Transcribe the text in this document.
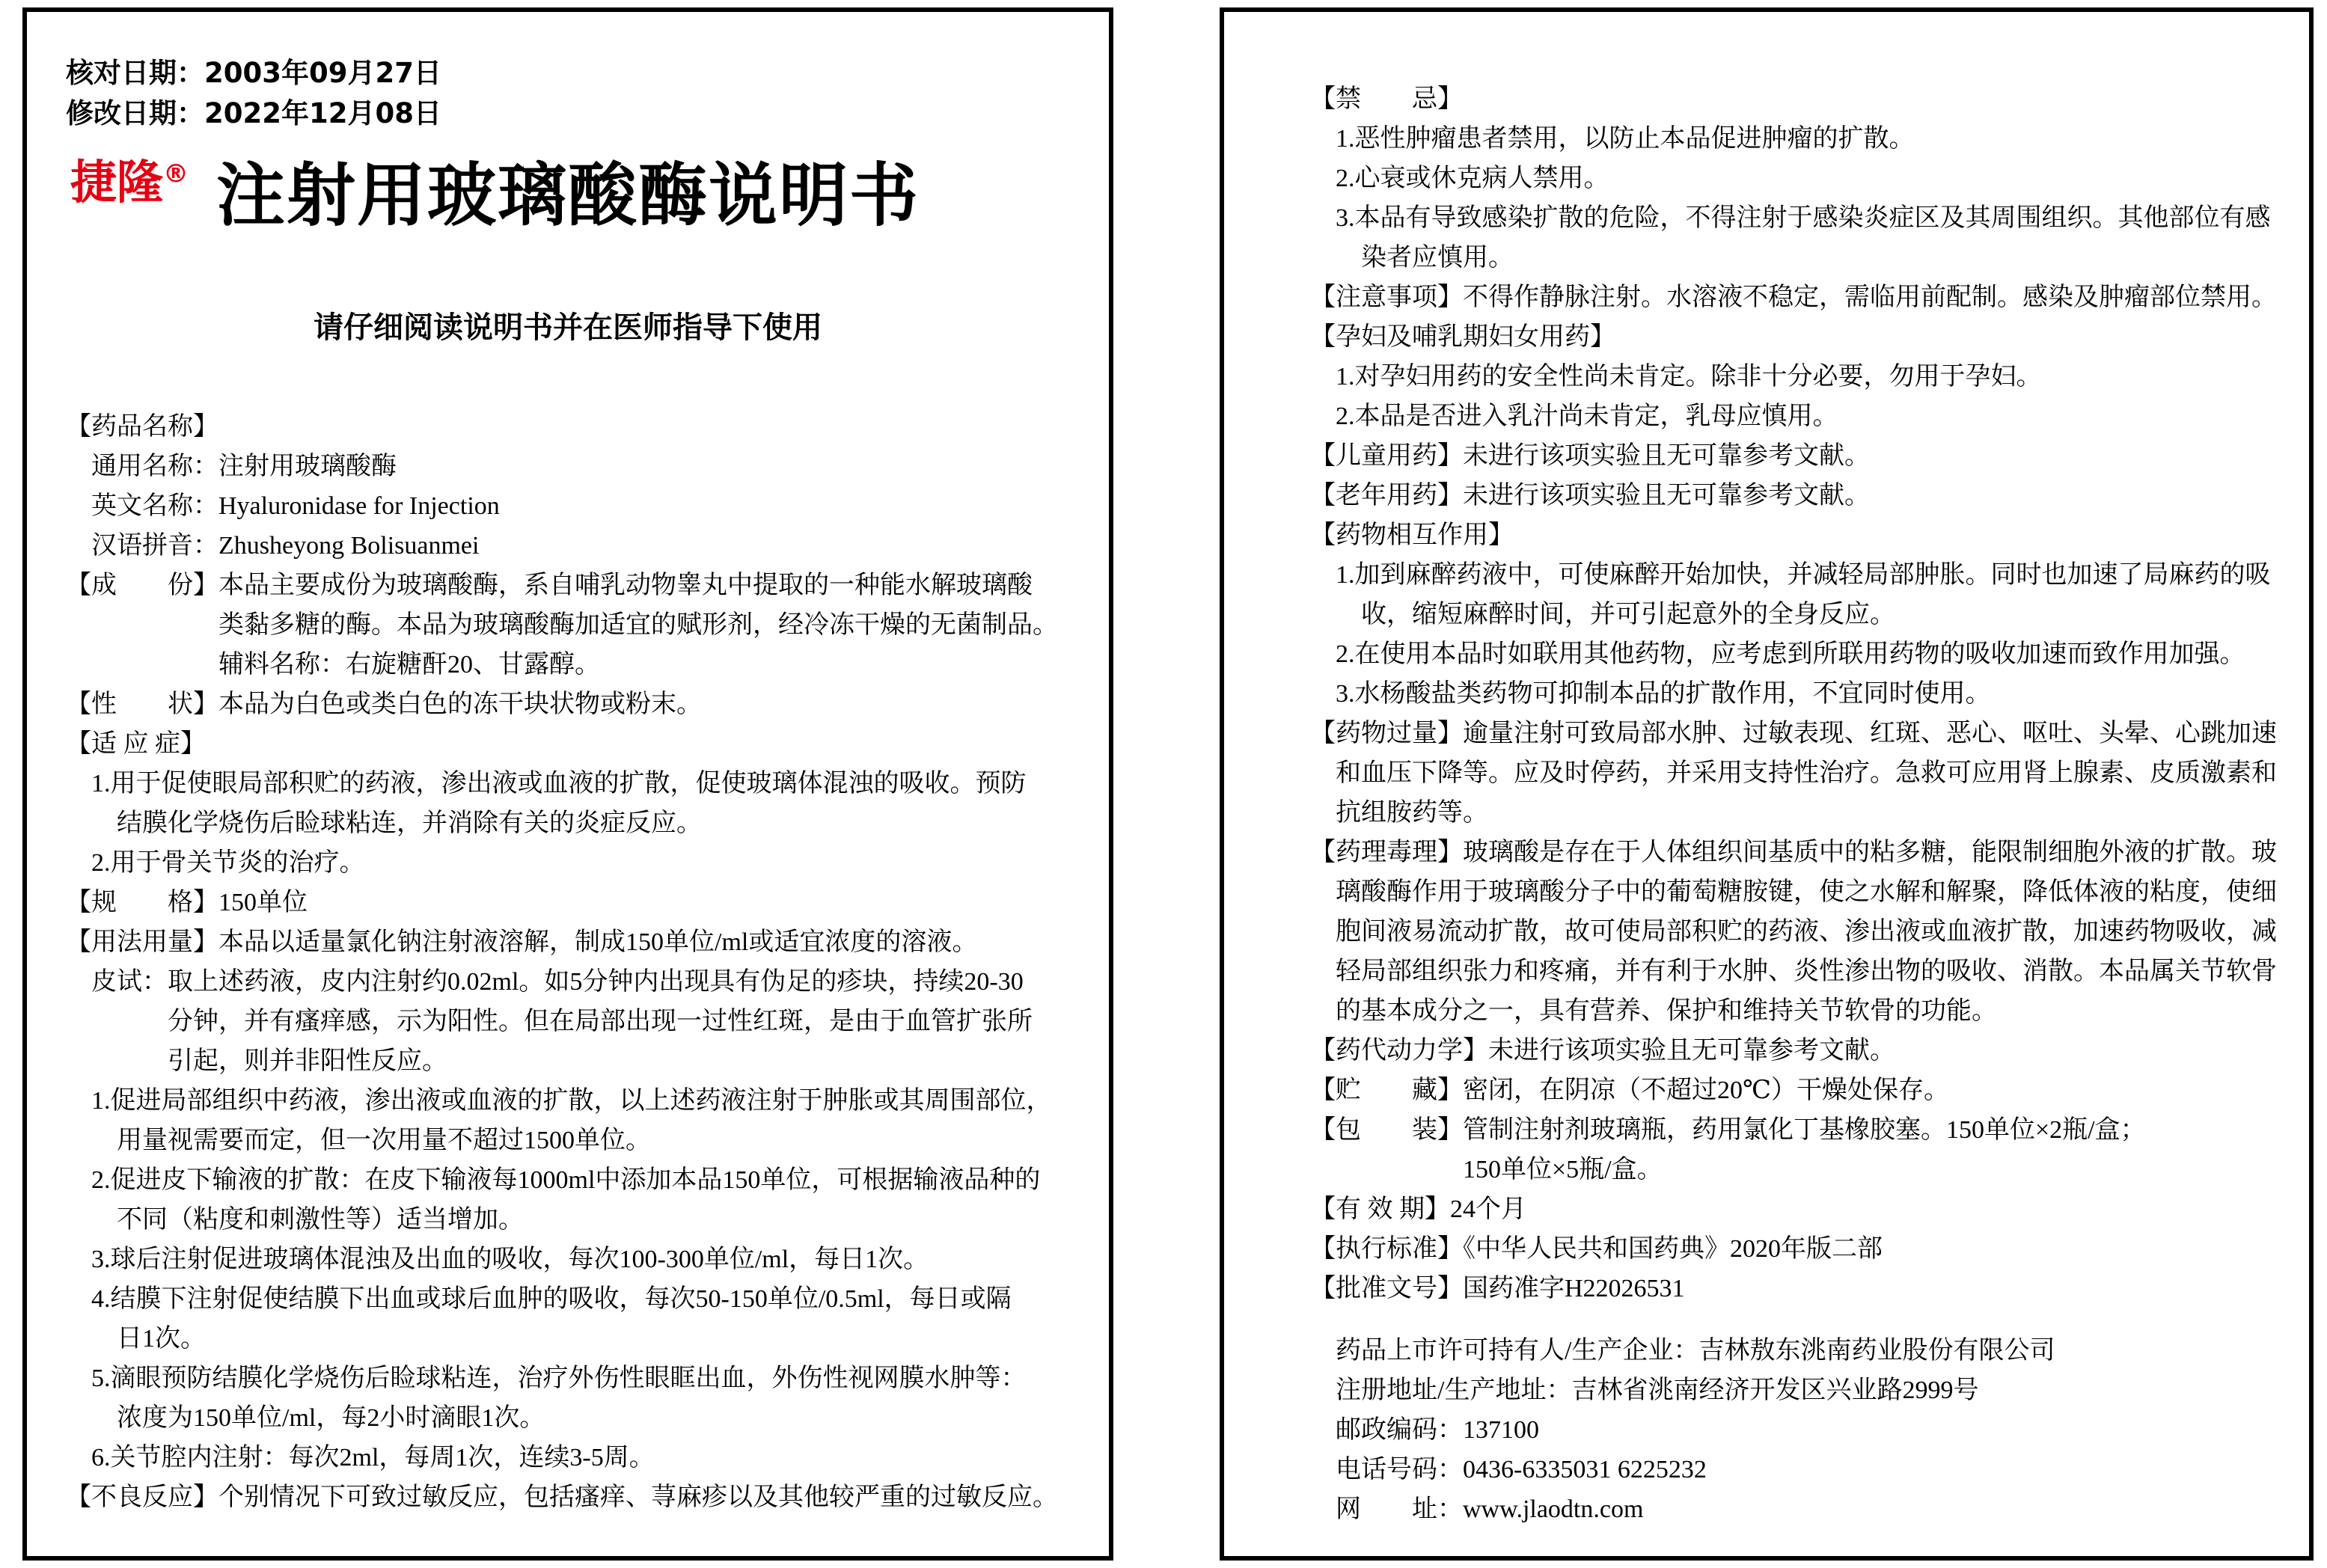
核对日期：2003年09月27日
修改日期：2022年12月08日
捷隆® 注射用玻璃酸酶说明书
请仔细阅读说明书并在医师指导下使用
【药品名称】
通用名称：注射用玻璃酸酶
英文名称：Hyaluronidase for Injection
汉语拼音：Zhusheyong Bolisuanmei
【成　　份】本品主要成份为玻璃酸酶，系自哺乳动物睾丸中提取的一种能水解玻璃酸
类黏多糖的酶。本品为玻璃酸酶加适宜的赋形剂，经冷冻干燥的无菌制品。
辅料名称：右旋糖酐20、甘露醇。
【性　　状】本品为白色或类白色的冻干块状物或粉末。
【适 应 症】
1.用于促使眼局部积贮的药液，渗出液或血液的扩散，促使玻璃体混浊的吸收。预防
结膜化学烧伤后睑球粘连，并消除有关的炎症反应。
2.用于骨关节炎的治疗。
【规　　格】150单位
【用法用量】本品以适量氯化钠注射液溶解，制成150单位/ml或适宜浓度的溶液。
皮试：取上述药液，皮内注射约0.02ml。如5分钟内出现具有伪足的疹块，持续20-30
分钟，并有瘙痒感，示为阳性。但在局部出现一过性红斑，是由于血管扩张所
引起，则并非阳性反应。
1.促进局部组织中药液，渗出液或血液的扩散，以上述药液注射于肿胀或其周围部位，
用量视需要而定，但一次用量不超过1500单位。
2.促进皮下输液的扩散：在皮下输液每1000ml中添加本品150单位，可根据输液品种的
不同（粘度和刺激性等）适当增加。
3.球后注射促进玻璃体混浊及出血的吸收，每次100-300单位/ml，每日1次。
4.结膜下注射促使结膜下出血或球后血肿的吸收，每次50-150单位/0.5ml，每日或隔
日1次。
5.滴眼预防结膜化学烧伤后睑球粘连，治疗外伤性眼眶出血，外伤性视网膜水肿等：
浓度为150单位/ml，每2小时滴眼1次。
6.关节腔内注射：每次2ml，每周1次，连续3-5周。
【不良反应】个别情况下可致过敏反应，包括瘙痒、荨麻疹以及其他较严重的过敏反应。
【禁　　忌】
1.恶性肿瘤患者禁用，以防止本品促进肿瘤的扩散。
2.心衰或休克病人禁用。
3.本品有导致感染扩散的危险，不得注射于感染炎症区及其周围组织。其他部位有感
染者应慎用。
【注意事项】不得作静脉注射。水溶液不稳定，需临用前配制。感染及肿瘤部位禁用。
【孕妇及哺乳期妇女用药】
1.对孕妇用药的安全性尚未肯定。除非十分必要，勿用于孕妇。
2.本品是否进入乳汁尚未肯定，乳母应慎用。
【儿童用药】未进行该项实验且无可靠参考文献。
【老年用药】未进行该项实验且无可靠参考文献。
【药物相互作用】
1.加到麻醉药液中，可使麻醉开始加快，并减轻局部肿胀。同时也加速了局麻药的吸
收，缩短麻醉时间，并可引起意外的全身反应。
2.在使用本品时如联用其他药物，应考虑到所联用药物的吸收加速而致作用加强。
3.水杨酸盐类药物可抑制本品的扩散作用，不宜同时使用。
【药物过量】逾量注射可致局部水肿、过敏表现、红斑、恶心、呕吐、头晕、心跳加速
和血压下降等。应及时停药，并采用支持性治疗。急救可应用肾上腺素、皮质激素和
抗组胺药等。
【药理毒理】玻璃酸是存在于人体组织间基质中的粘多糖，能限制细胞外液的扩散。玻
璃酸酶作用于玻璃酸分子中的葡萄糖胺键，使之水解和解聚，降低体液的粘度，使细
胞间液易流动扩散，故可使局部积贮的药液、渗出液或血液扩散，加速药物吸收，减
轻局部组织张力和疼痛，并有利于水肿、炎性渗出物的吸收、消散。本品属关节软骨
的基本成分之一，具有营养、保护和维持关节软骨的功能。
【药代动力学】未进行该项实验且无可靠参考文献。
【贮　　藏】密闭，在阴凉（不超过20℃）干燥处保存。
【包　　装】管制注射剂玻璃瓶，药用氯化丁基橡胶塞。150单位×2瓶/盒；
150单位×5瓶/盒。
【有 效 期】24个月
【执行标准】《中华人民共和国药典》2020年版二部
【批准文号】国药准字H22026531
药品上市许可持有人/生产企业：吉林敖东洮南药业股份有限公司
注册地址/生产地址：吉林省洮南经济开发区兴业路2999号
邮政编码：137100
电话号码：0436-6335031 6225232
网　　址：www.jlaodtn.com
